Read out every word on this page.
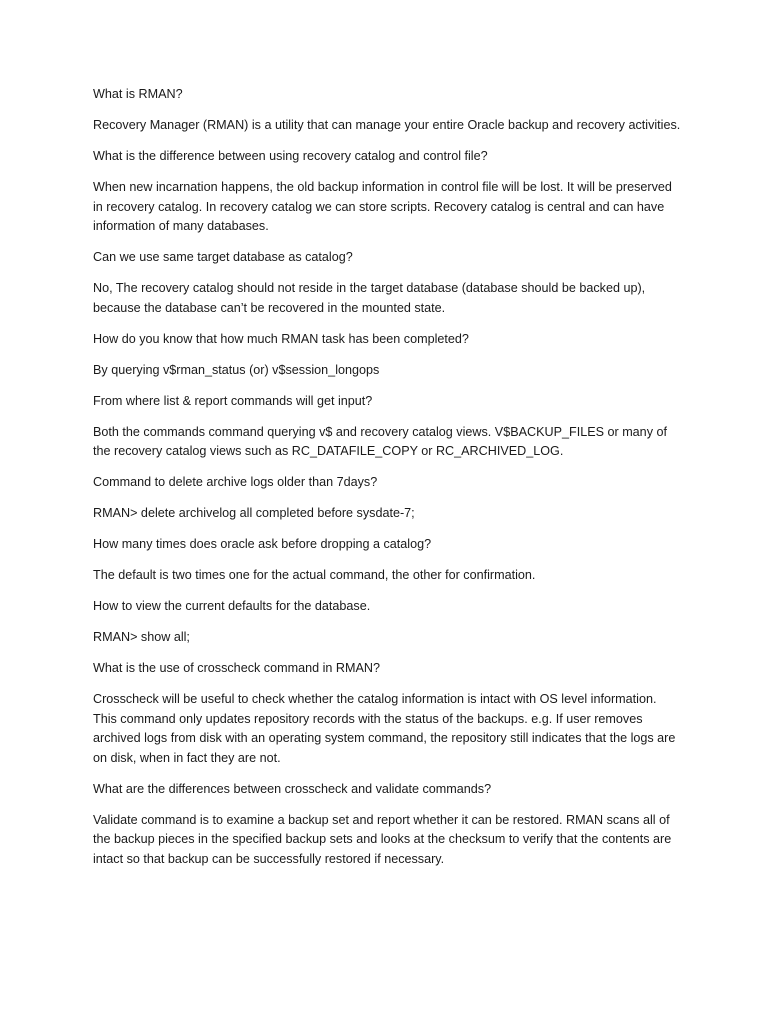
What is RMAN?

Recovery Manager (RMAN) is a utility that can manage your entire Oracle backup and recovery activities.

What is the difference between using recovery catalog and control file?

When new incarnation happens, the old backup information in control file will be lost. It will be preserved in recovery catalog. In recovery catalog we can store scripts. Recovery catalog is central and can have information of many databases.

Can we use same target database as catalog?

No, The recovery catalog should not reside in the target database (database should be backed up), because the database can’t be recovered in the mounted state.

How do you know that how much RMAN task has been completed?

By querying v$rman_status (or) v$session_longops

From where list & report commands will get input?

Both the commands command querying v$ and recovery catalog views. V$BACKUP_FILES or many of the recovery catalog views such as RC_DATAFILE_COPY or RC_ARCHIVED_LOG.

Command to delete archive logs older than 7days?

RMAN> delete archivelog all completed before sysdate-7;

How many times does oracle ask before dropping a catalog?

The default is two times one for the actual command, the other for confirmation.

How to view the current defaults for the database.

RMAN> show all;

What is the use of crosscheck command in RMAN?

Crosscheck will be useful to check whether the catalog information is intact with OS level information. This command only updates repository records with the status of the backups. e.g. If user removes archived logs from disk with an operating system command, the repository still indicates that the logs are on disk, when in fact they are not.

What are the differences between crosscheck and validate commands?

Validate command is to examine a backup set and report whether it can be restored. RMAN scans all of the backup pieces in the specified backup sets and looks at the checksum to verify that the contents are intact so that backup can be successfully restored if necessary.
